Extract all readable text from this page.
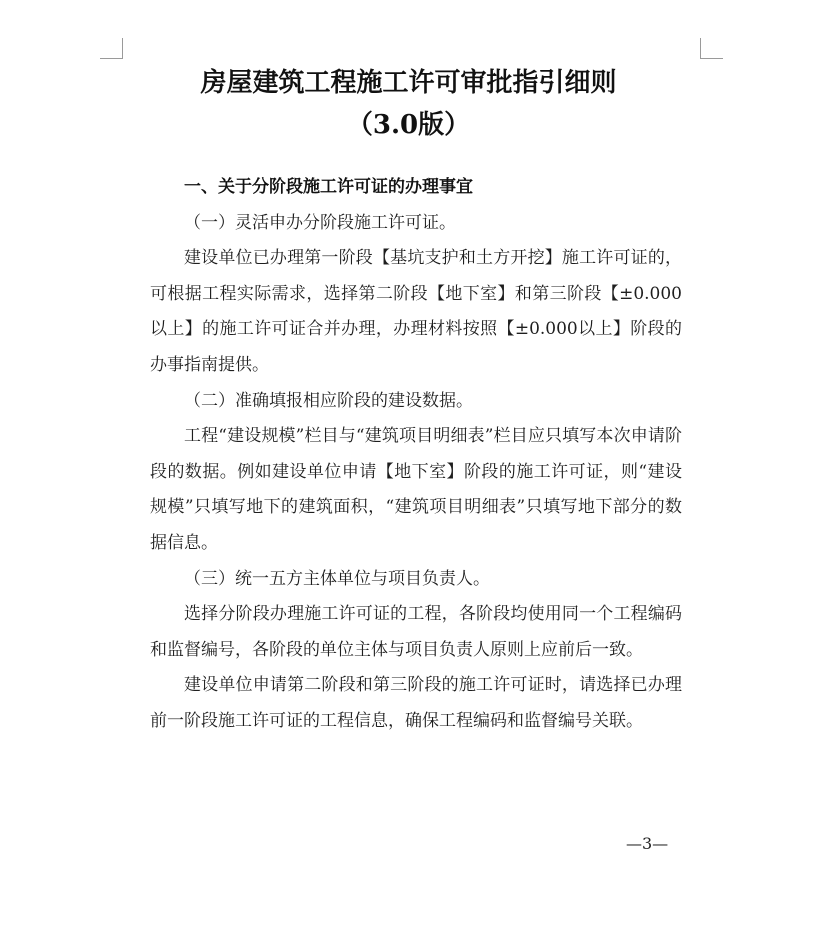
房屋建筑工程施工许可审批指引细则
（3.0版）

一、关于分阶段施工许可证的办理事宜

（一）灵活申办分阶段施工许可证。

建设单位已办理第一阶段【基坑支护和土方开挖】施工许可证的，可根据工程实际需求，选择第二阶段【地下室】和第三阶段【±0.000以上】的施工许可证合并办理，办理材料按照【±0.000以上】阶段的办事指南提供。

（二）准确填报相应阶段的建设数据。

工程“建设规模”栏目与“建筑项目明细表”栏目应只填写本次申请阶段的数据。例如建设单位申请【地下室】阶段的施工许可证，则“建设规模”只填写地下的建筑面积，“建筑项目明细表”只填写地下部分的数据信息。

（三）统一五方主体单位与项目负责人。

选择分阶段办理施工许可证的工程，各阶段均使用同一个工程编码和监督编号，各阶段的单位主体与项目负责人原则上应前后一致。

建设单位申请第二阶段和第三阶段的施工许可证时，请选择已办理前一阶段施工许可证的工程信息，确保工程编码和监督编号关联。

—3—
